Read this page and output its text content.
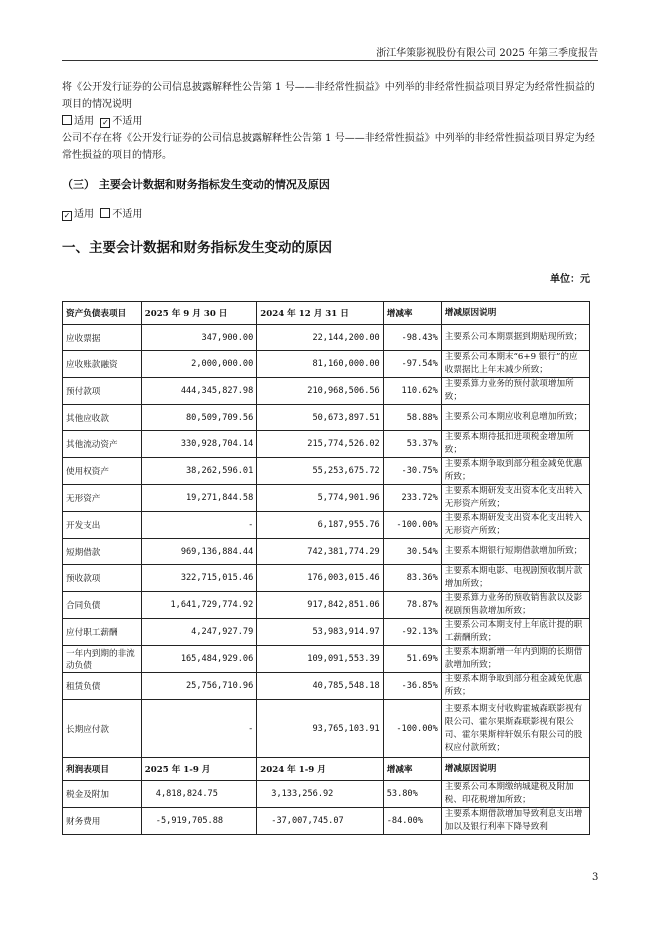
浙江华策影视股份有限公司 2025 年第三季度报告
将《公开发行证券的公司信息披露解释性公告第 1 号——非经常性损益》中列举的非经常性损益项目界定为经常性损益的项目的情况说明
适用 ✓ 不适用
公司不存在将《公开发行证券的公司信息披露解释性公告第 1 号——非经常性损益》中列举的非经常性损益项目界定为经常性损益的项目的情形。
（三） 主要会计数据和财务指标发生变动的情况及原因
✓ 适用 不适用
一、主要会计数据和财务指标发生变动的原因
单位：元
资产负债表项目	2025 年 9 月 30 日	2024 年 12 月 31 日	增减率	增减原因说明
应收票据	347,900.00	22,144,200.00	-98.43%	主要系公司本期票据到期贴现所致；
应收账款融资	2,000,000.00	81,160,000.00	-97.54%	主要系公司本期末“6+9 银行”的应收票据比上年末减少所致；
预付款项	444,345,827.98	210,968,506.56	110.62%	主要系算力业务的预付款项增加所致；
其他应收款	80,509,709.56	50,673,897.51	58.88%	主要系公司本期应收利息增加所致；
其他流动资产	330,928,704.14	215,774,526.02	53.37%	主要系本期待抵扣进项税金增加所致；
使用权资产	38,262,596.01	55,253,675.72	-30.75%	主要系本期争取到部分租金减免优惠所致；
无形资产	19,271,844.58	5,774,901.96	233.72%	主要系本期研发支出资本化支出转入无形资产所致；
开发支出	-	6,187,955.76	-100.00%	主要系本期研发支出资本化支出转入无形资产所致；
短期借款	969,136,884.44	742,381,774.29	30.54%	主要系本期银行短期借款增加所致；
预收款项	322,715,015.46	176,003,015.46	83.36%	主要系本期电影、电视剧预收制片款增加所致；
合同负债	1,641,729,774.92	917,842,851.06	78.87%	主要系算力业务的预收销售款以及影视剧预售款增加所致；
应付职工薪酬	4,247,927.79	53,983,914.97	-92.13%	主要系公司本期支付上年底计提的职工薪酬所致；
一年内到期的非流动负债	165,484,929.06	109,091,553.39	51.69%	主要系本期新增一年内到期的长期借款增加所致；
租赁负债	25,756,710.96	40,785,548.18	-36.85%	主要系本期争取到部分租金减免优惠所致；
长期应付款	-	93,765,103.91	-100.00%	主要系本期支付收购霍城森联影视有限公司、霍尔果斯森联影视有限公司、霍尔果斯梓轩娱乐有限公司的股权应付款所致；
利润表项目	2025 年 1-9 月	2024 年 1-9 月	增减率	增减原因说明
税金及附加	4,818,824.75	3,133,256.92	53.80%	主要系公司本期缴纳城建税及附加税、印花税增加所致；
财务费用	-5,919,705.88	-37,007,745.07	-84.00%	主要系本期借款增加导致利息支出增加以及银行利率下降导致利
3
